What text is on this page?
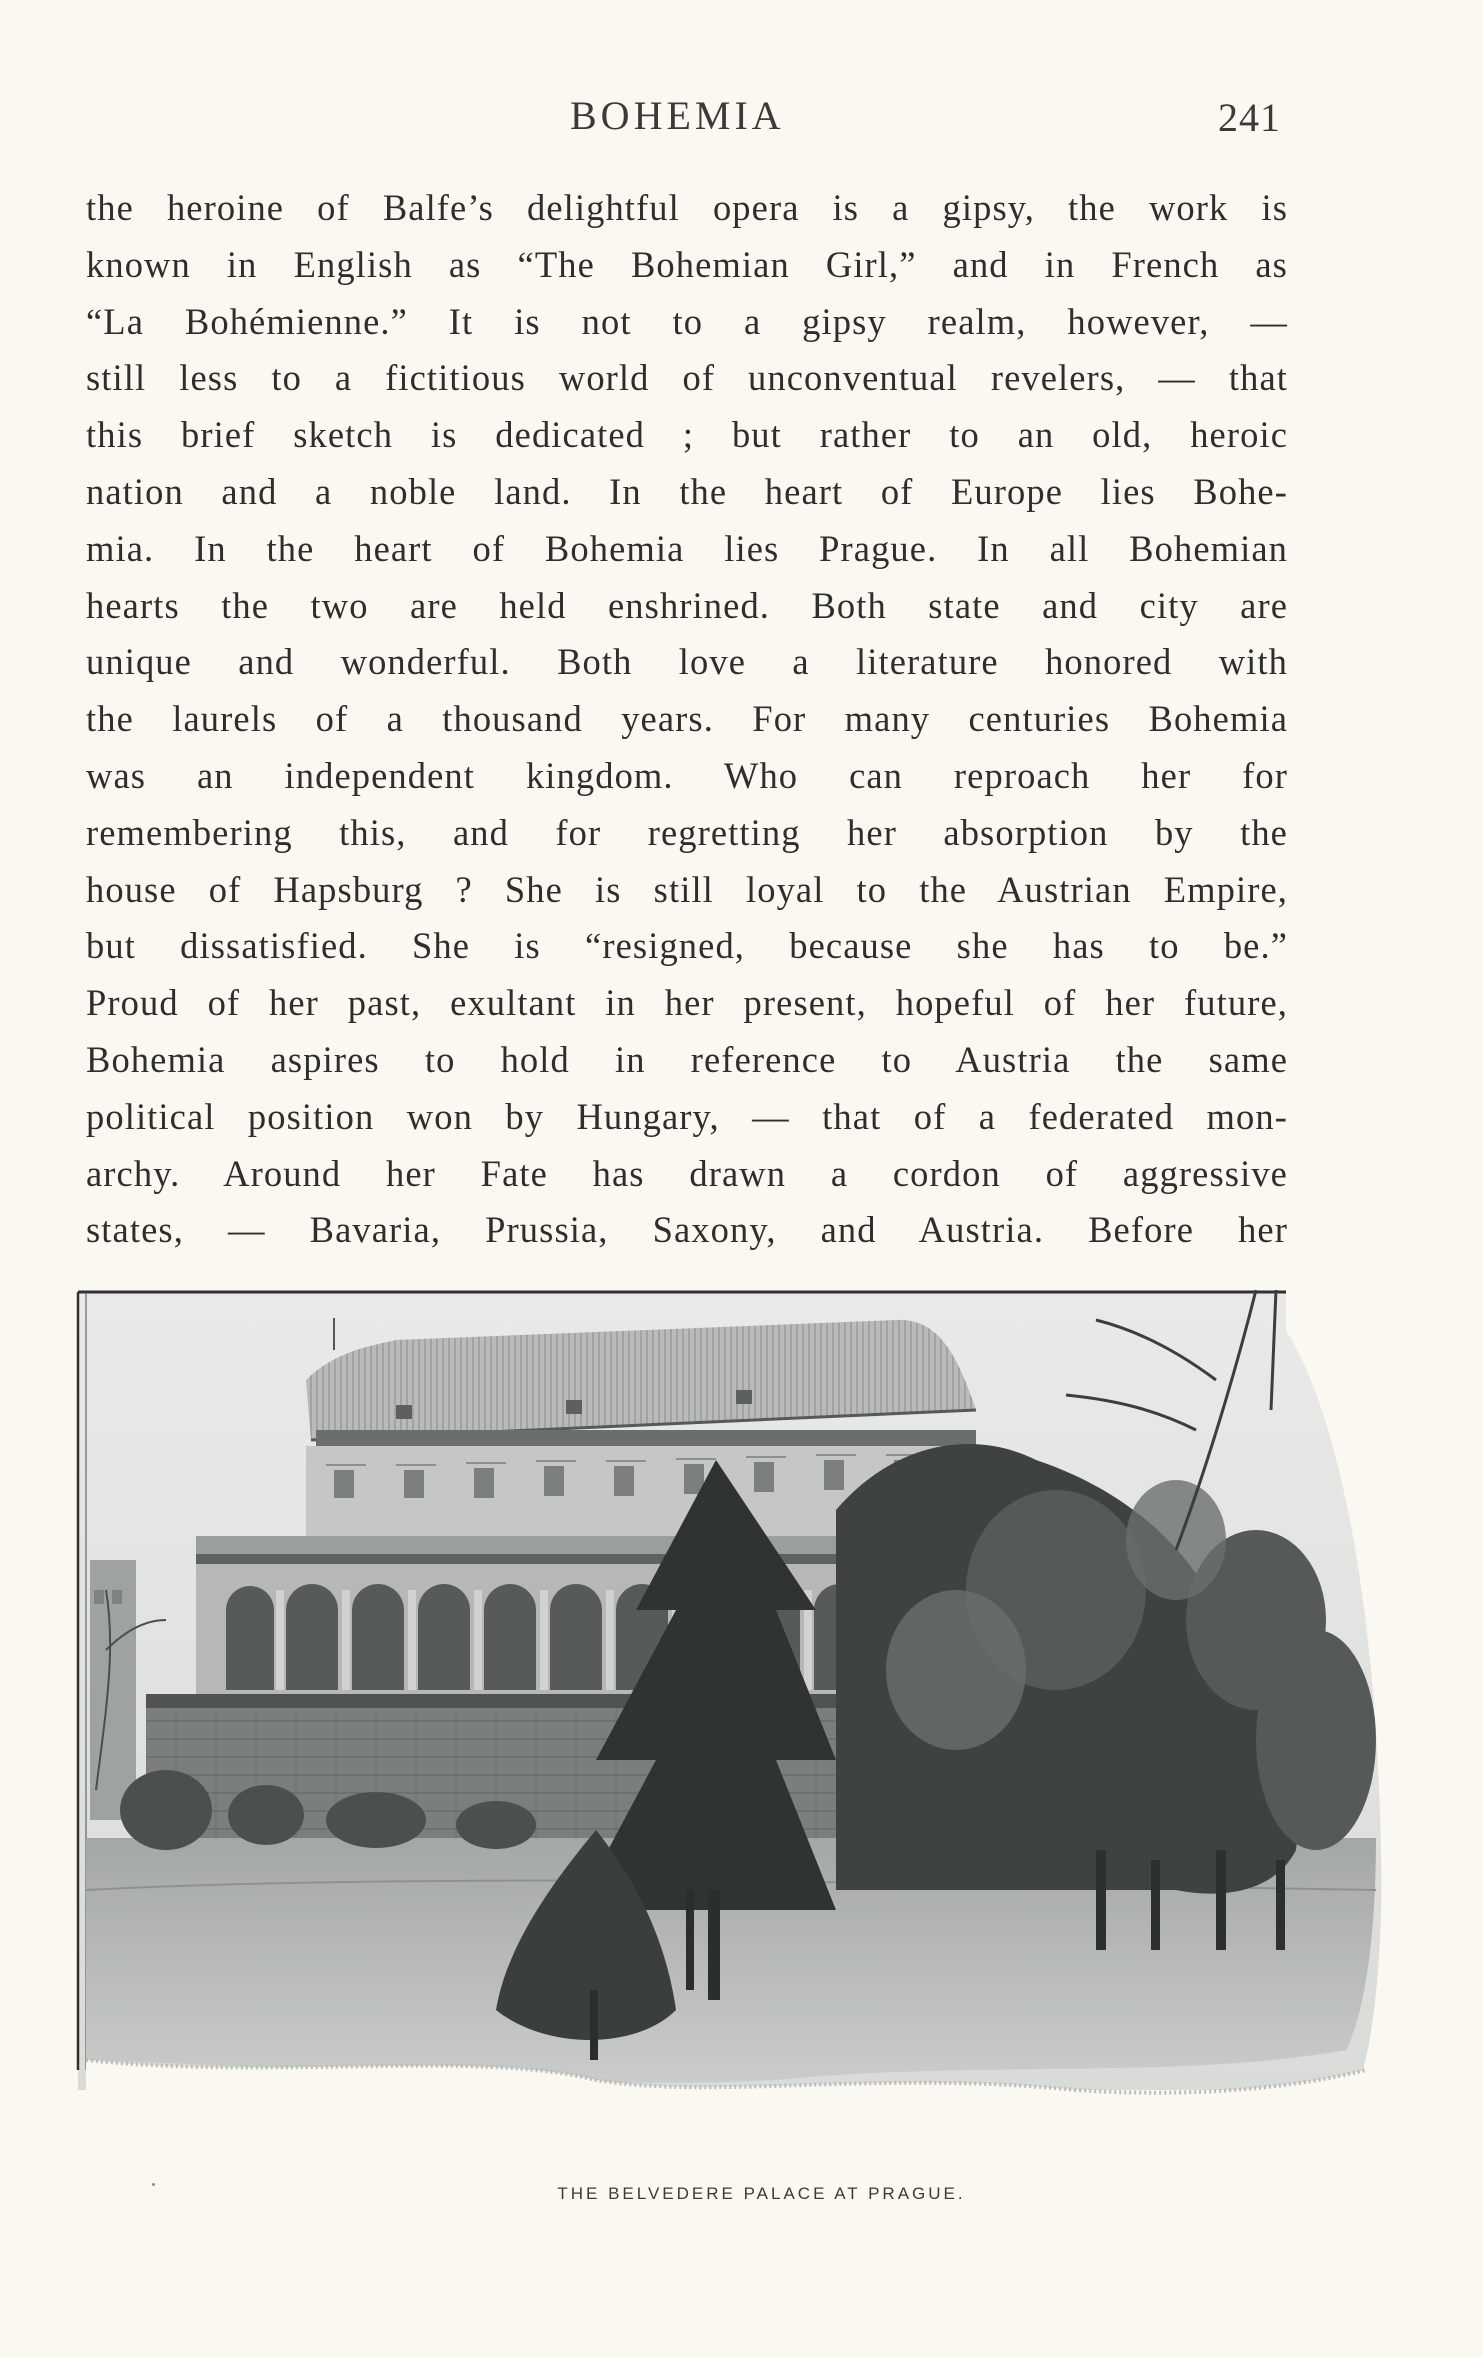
BOHEMIA	241
the heroine of Balfe’s delightful opera is a gipsy, the work is
known in English as “The Bohemian Girl,” and in French as
“La Bohémienne.” It is not to a gipsy realm, however, —
still less to a fictitious world of unconventual revelers, — that
this brief sketch is dedicated ; but rather to an old, heroic
nation and a noble land. In the heart of Europe lies Bohe-
mia. In the heart of Bohemia lies Prague. In all Bohemian
hearts the two are held enshrined. Both state and city are
unique and wonderful. Both love a literature honored with
the laurels of a thousand years. For many centuries Bohemia
was an independent kingdom. Who can reproach her for
remembering this, and for regretting her absorption by the
house of Hapsburg ? She is still loyal to the Austrian Empire,
but dissatisfied. She is “resigned, because she has to be.”
Proud of her past, exultant in her present, hopeful of her future,
Bohemia aspires to hold in reference to Austria the same
political position won by Hungary, — that of a federated mon-
archy. Around her Fate has drawn a cordon of aggressive
states, — Bavaria, Prussia, Saxony, and Austria. Before her
THE BELVEDERE PALACE AT PRAGUE.
